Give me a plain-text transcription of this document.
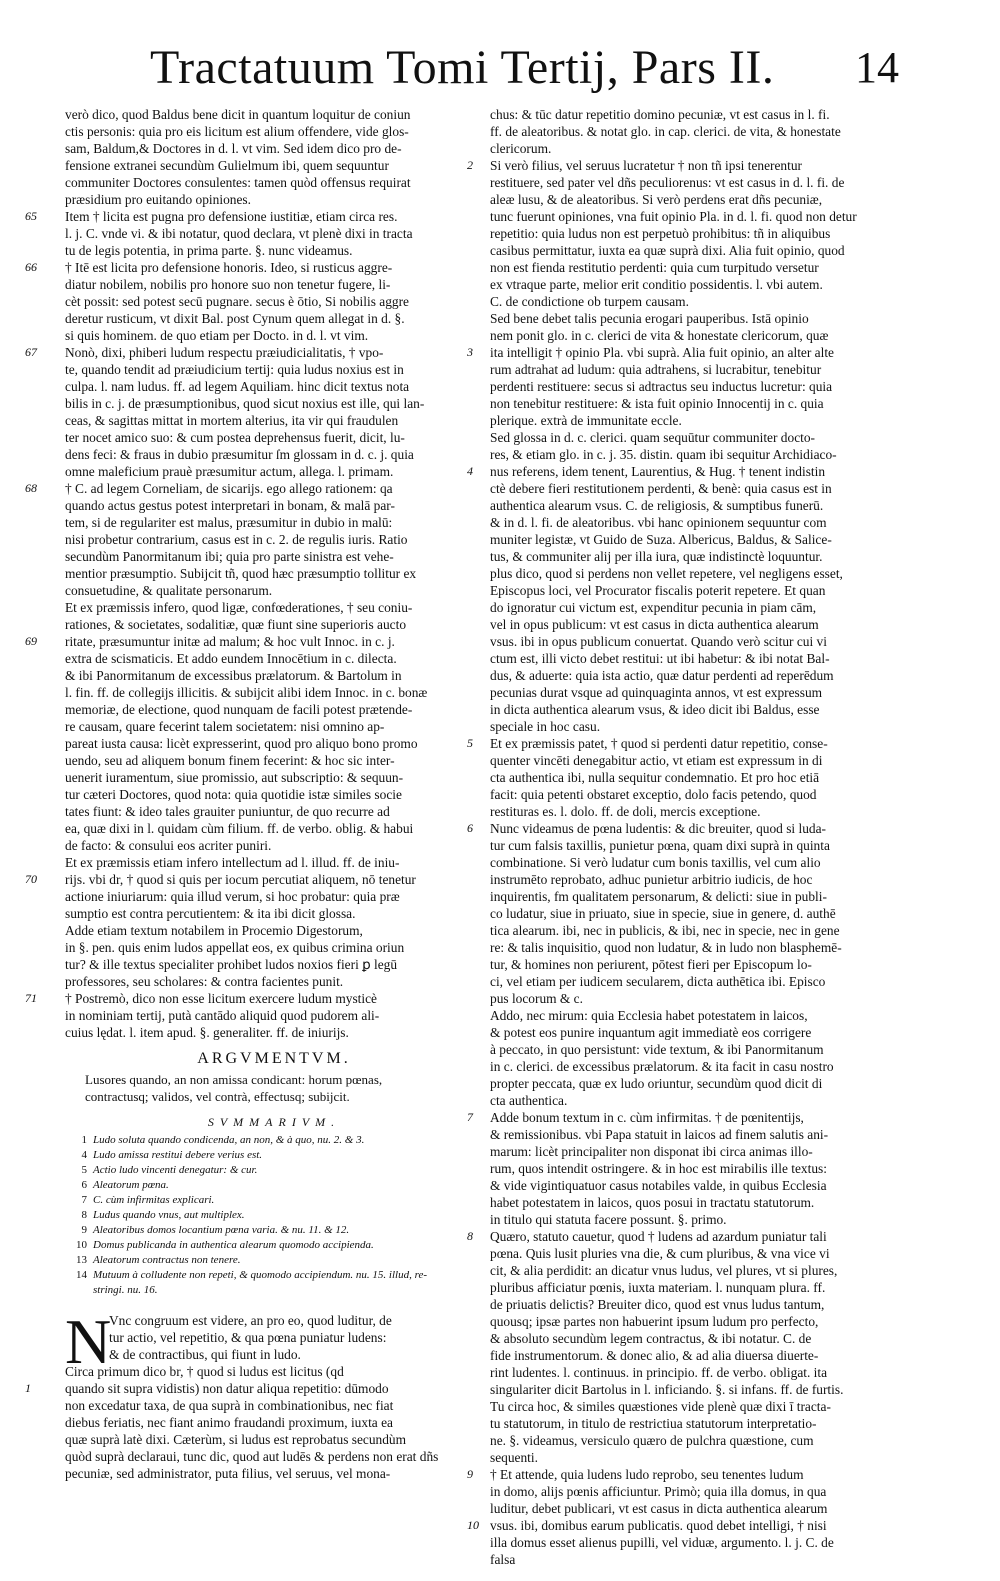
Tractatuum Tomi Tertij, Pars II.	14
verò dico, quod Baldus bene dicit in quantum loquitur de coniun
ctis personis: quia pro eis licitum est alium offendere, vide glos-
sam, Baldum,& Doctores in d. l. vt vim. Sed idem dico pro de-
fensione extranei secundùm Gulielmum ibi, quem sequuntur
communiter Doctores consulentes: tamen quòd offensus requirat
præsidium pro euitando opiniones.
65 Item † licita est pugna pro defensione iustitiæ, etiam circa res.
l. j. C. vnde vi. & ibi notatur, quod declara, vt plenè dixi in tracta
tu de legis potentia, in prima parte. §. nunc videamus.
66 † Itē est licita pro defensione honoris. Ideo, si rusticus aggre-
diatur nobilem, nobilis pro honore suo non tenetur fugere, li-
cèt possit: sed potest secū pugnare. secus è ōtio, Si nobilis aggre
deretur rusticum, vt dixit Bal. post Cynum quem allegat in d. §.
si quis hominem. de quo etiam per Docto. in d. l. vt vim.
67 Nonò, dixi, phiberi ludum respectu præiudicialitatis, † vpo-
te, quando tendit ad præiudicium tertij: quia ludus noxius est in
culpa. l. nam ludus. ff. ad legem Aquiliam. hinc dicit textus nota
bilis in c. j. de præsumptionibus, quod sicut noxius est ille, qui lan-
ceas, & sagittas mittat in mortem alterius, ita vir qui fraudulen
ter nocet amico suo: & cum postea deprehensus fuerit, dicit, lu-
dens feci: & fraus in dubio præsumitur ſm glossam in d. c. j. quia
omne maleficium prauè præsumitur actum, allega. l. primam.
68 † C. ad legem Corneliam, de sicarijs. ego allego rationem: qa
quando actus gestus potest interpretari in bonam, & malā par-
tem, si de regulariter est malus, præsumitur in dubio in malū:
nisi probetur contrarium, casus est in c. 2. de regulis iuris. Ratio
secundùm Panormitanum ibi; quia pro parte sinistra est vehe-
mentior præsumptio. Subijcit tñ, quod hæc præsumptio tollitur ex
consuetudine, & qualitate personarum.
Et ex præmissis infero, quod ligæ, confœderationes, † seu coniu-
rationes, & societates, sodalitiæ, quæ fiunt sine superioris aucto
69 ritate, præsumuntur initæ ad malum; & hoc vult Innoc. in c. j.
extra de scismaticis. Et addo eundem Innocētium in c. dilecta.
& ibi Panormitanum de excessibus prælatorum. & Bartolum in
l. fin. ff. de collegijs illicitis. & subijcit alibi idem Innoc. in c. bonæ
memoriæ, de electione, quod nunquam de facili potest prætende-
re causam, quare fecerint talem societatem: nisi omnino ap-
pareat iusta causa: licèt expresserint, quod pro aliquo bono promo
uendo, seu ad aliquem bonum finem fecerint: & hoc sic inter-
uenerit iuramentum, siue promissio, aut subscriptio: & sequun-
tur cæteri Doctores, quod nota: quia quotidie istæ similes socie
tates fiunt: & ideo tales grauiter puniuntur, de quo recurre ad
ea, quæ dixi in l. quidam cùm filium. ff. de verbo. oblig. & habui
de facto: & consului eos acriter puniri.
Et ex præmissis etiam infero intellectum ad l. illud. ff. de iniu-
70 rijs. vbi dr, † quod si quis per iocum percutiat aliquem, nō tenetur
actione iniuriarum: quia illud verum, si hoc probatur: quia præ
sumptio est contra percutientem: & ita ibi dicit glossa.
Adde etiam textum notabilem in Procemio Digestorum,
in §. pen. quis enim ludos appellat eos, ex quibus crimina oriun
tur? & ille textus specialiter prohibet ludos noxios fieri ꝑ legū
professores, seu scholares: & contra facientes punit.
71 † Postremò, dico non esse licitum exercere ludum mysticè
in nominiam tertij, putà cantādo aliquid quod pudorem ali-
cuius lędat. l. item apud. §. generaliter. ff. de iniurijs.
ARGVMENTVM.
Lusores quando, an non amissa condicant: horum pœnas,
contractusq; validos, vel contrà, effectusq; subijcit.
SVMMARIVM.
1 Ludo soluta quando condicenda, an non, & à quo, nu. 2. & 3.
4 Ludo amissa restitui debere verius est.
5 Actio ludo vincenti denegatur: & cur.
6 Aleatorum pœna.
7 C. cùm infirmitas explicari.
8 Ludus quando vnus, aut multiplex.
9 Aleatoribus domos locantium pœna varia. & nu. 11. & 12.
10 Domus publicanda in authentica alearum quomodo accipienda.
13 Aleatorum contractus non tenere.
14 Mutuum à colludente non repeti, & quomodo accipiendum. nu. 15. illud, re-
stringi. nu. 16.
N
Vnc congruum est videre, an pro eo, quod luditur, de
tur actio, vel repetitio, & qua pœna puniatur ludens:
& de contractibus, qui fiunt in ludo.
Circa primum dico br, † quod si ludus est licitus (qd
1	quando sit supra vidistis) non datur aliqua repetitio: dūmodo
non excedatur taxa, de qua suprà in combinationibus, nec fiat
diebus feriatis, nec fiant animo fraudandi proximum, iuxta ea
quæ suprà latè dixi. Cæterùm, si ludus est reprobatus secundùm
quòd suprà declaraui, tunc dic, quod aut ludēs & perdens non erat dñs
pecuniæ, sed administrator, puta filius, vel seruus, vel mona-
chus: & tūc datur repetitio domino pecuniæ, vt est casus in l. fi.
ff. de aleatoribus. & notat glo. in cap. clerici. de vita, & honestate
clericorum.
2 Si verò filius, vel seruus lucratetur † non tñ ipsi tenerentur
restituere, sed pater vel dñs peculiorenus: vt est casus in d. l. fi. de
aleæ lusu, & de aleatoribus. Si verò perdens erat dñs pecuniæ,
tunc fuerunt opiniones, vna fuit opinio Pla. in d. l. fi. quod non detur
repetitio: quia ludus non est perpetuò prohibitus: tñ in aliquibus
casibus permittatur, iuxta ea quæ suprà dixi. Alia fuit opinio, quod
non est fienda restitutio perdenti: quia cum turpitudo versetur
ex vtraque parte, melior erit conditio possidentis. l. vbi autem.
C. de condictione ob turpem causam.
Sed bene debet talis pecunia erogari pauperibus. Istā opinio
nem ponit glo. in c. clerici de vita & honestate clericorum, quæ
3 ita intelligit † opinio Pla. vbi suprà. Alia fuit opinio, an alter alte
rum adtrahat ad ludum: quia adtrahens, si lucrabitur, tenebitur
perdenti restituere: secus si adtractus seu inductus lucretur: quia
non tenebitur restituere: & ista fuit opinio Innocentij in c. quia
plerique. extrà de immunitate eccle.
Sed glossa in d. c. clerici. quam sequūtur communiter docto-
res, & etiam glo. in c. j. 35. distin. quam ibi sequitur Archidiaco-
4 nus referens, idem tenent, Laurentius, & Hug. † tenent indistin
ctè debere fieri restitutionem perdenti, & benè: quia casus est in
authentica alearum vsus. C. de religiosis, & sumptibus funerū.
& in d. l. fi. de aleatoribus. vbi hanc opinionem sequuntur com
muniter legistæ, vt Guido de Suza. Albericus, Baldus, & Salice-
tus, & communiter alij per illa iura, quæ indistinctè loquuntur.
plus dico, quod si perdens non vellet repetere, vel negligens esset,
Episcopus loci, vel Procurator fiscalis poterit repetere. Et quan
do ignoratur cui victum est, expenditur pecunia in piam cām,
vel in opus publicum: vt est casus in dicta authentica alearum
vsus. ibi in opus publicum conuertat. Quando verò scitur cui vi
ctum est, illi victo debet restitui: ut ibi habetur: & ibi notat Bal-
dus, & aduerte: quia ista actio, quæ datur perdenti ad reperēdum
pecunias durat vsque ad quinquaginta annos, vt est expressum
in dicta authentica alearum vsus, & ideo dicit ibi Baldus, esse
speciale in hoc casu.
5 Et ex præmissis patet, † quod si perdenti datur repetitio, conse-
quenter vincēti denegabitur actio, vt etiam est expressum in di
cta authentica ibi, nulla sequitur condemnatio. Et pro hoc etiā
facit: quia petenti obstaret exceptio, dolo facis petendo, quod
restituras es. l. dolo. ff. de doli, mercis exceptione.
6 Nunc videamus de pœna ludentis: & dic breuiter, quod si luda-
tur cum falsis taxillis, punietur pœna, quam dixi suprà in quinta
combinatione. Si verò ludatur cum bonis taxillis, vel cum alio
instrumēto reprobato, adhuc punietur arbitrio iudicis, de hoc
inquirentis, fm qualitatem personarum, & delicti: siue in publi-
co ludatur, siue in priuato, siue in specie, siue in genere, d. authē
tica alearum. ibi, nec in publicis, & ibi, nec in specie, nec in gene
re: & talis inquisitio, quod non ludatur, & in ludo non blasphemē-
tur, & homines non periurent, pōtest fieri per Episcopum lo-
ci, vel etiam per iudicem secularem, dicta authētica ibi. Episco
pus locorum & c.
Addo, nec mirum: quia Ecclesia habet potestatem in laicos,
& potest eos punire inquantum agit immediatè eos corrigere
à peccato, in quo persistunt: vide textum, & ibi Panormitanum
in c. clerici. de excessibus prælatorum. & ita facit in casu nostro
propter peccata, quæ ex ludo oriuntur, secundùm quod dicit di
cta authentica.
7 Adde bonum textum in c. cùm infirmitas. † de pœnitentijs,
& remissionibus. vbi Papa statuit in laicos ad finem salutis ani-
marum: licèt principaliter non disponat ibi circa animas illo-
rum, quos intendit ostringere. & in hoc est mirabilis ille textus:
& vide vigintiquatuor casus notabiles valde, in quibus Ecclesia
habet potestatem in laicos, quos posui in tractatu statutorum.
in titulo qui statuta facere possunt. §. primo.
8 Quæro, statuto cauetur, quod † ludens ad azardum puniatur tali
pœna. Quis lusit pluries vna die, & cum pluribus, & vna vice vi
cit, & alia perdidit: an dicatur vnus ludus, vel plures, vt si plures,
pluribus afficiatur pœnis, iuxta materiam. l. nunquam plura. ff.
de priuatis delictis? Breuiter dico, quod est vnus ludus tantum,
quousq; ipsæ partes non habuerint ipsum ludum pro perfecto,
& absoluto secundùm legem contractus, & ibi notatur. C. de
fide instrumentorum. & donec alio, & ad alia diuersa diuerte-
rint ludentes. l. continuus. in principio. ff. de verbo. obligat. ita
singulariter dicit Bartolus in l. inficiando. §. si infans. ff. de furtis.
Tu circa hoc, & similes quæstiones vide plenè quæ dixi ī tracta-
tu statutorum, in titulo de restrictiua statutorum interpretatio-
ne. §. videamus, versiculo quæro de pulchra quæstione, cum
sequenti.
9 † Et attende, quia ludens ludo reprobo, seu tenentes ludum
in domo, alijs pœnis afficiuntur. Primò; quia illa domus, in qua
luditur, debet publicari, vt est casus in dicta authentica alearum
10 vsus. ibi, domibus earum publicatis. quod debet intelligi, † nisi
illa domus esset alienus pupilli, vel viduæ, argumento. l. j. C. de
falsa
